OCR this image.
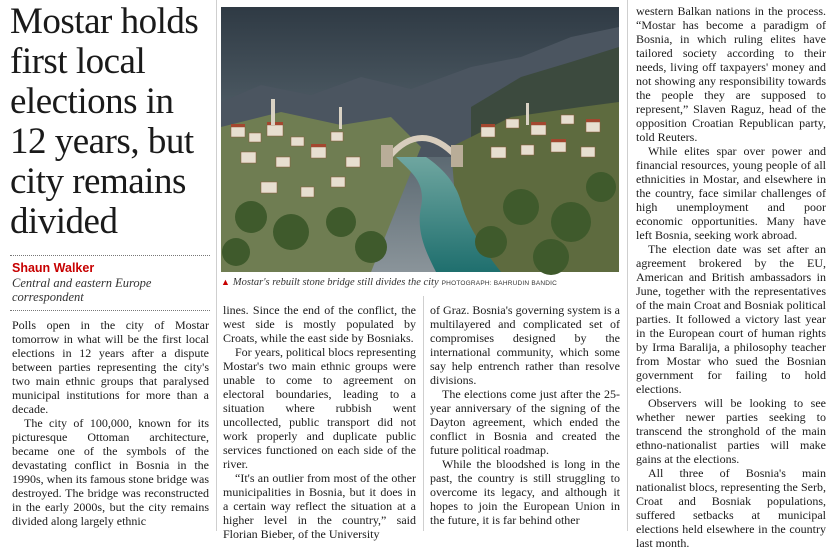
Mostar holds first local elections in 12 years, but city remains divided
Shaun Walker
Central and eastern Europe correspondent
▲ Mostar's rebuilt stone bridge still divides the city PHOTOGRAPH: BAHRUDIN BANDIC

Polls open in the city of Mostar tomorrow in what will be the first local elections in 12 years after a dispute between parties representing the city's two main ethnic groups that paralysed municipal institutions for more than a decade.

The city of 100,000, known for its picturesque Ottoman architecture, became one of the symbols of the devastating conflict in Bosnia in the 1990s, when its famous stone bridge was destroyed. The bridge was reconstructed in the early 2000s, but the city remains divided along largely ethnic

lines. Since the end of the conflict, the west side is mostly populated by Croats, while the east side by Bosniaks.

For years, political blocs representing Mostar's two main ethnic groups were unable to come to agreement on electoral boundaries, leading to a situation where rubbish went uncollected, public transport did not work properly and duplicate public services functioned on each side of the river.

“It's an outlier from most of the other municipalities in Bosnia, but it does in a certain way reflect the situation at a higher level in the country,” said Florian Bieber, of the University

of Graz. Bosnia's governing system is a multilayered and complicated set of compromises designed by the international community, which some say help entrench rather than resolve divisions.

The elections come just after the 25-year anniversary of the signing of the Dayton agreement, which ended the conflict in Bosnia and created the future political roadmap.

While the bloodshed is long in the past, the country is still struggling to overcome its legacy, and although it hopes to join the European Union in the future, it is far behind other

western Balkan nations in the process. “Mostar has become a paradigm of Bosnia, in which ruling elites have tailored society according to their needs, living off taxpayers' money and not showing any responsibility towards the people they are supposed to represent,” Slaven Raguz, head of the opposition Croatian Republican party, told Reuters.

While elites spar over power and financial resources, young people of all ethnicities in Mostar, and elsewhere in the country, face similar challenges of high unemployment and poor economic opportunities. Many have left Bosnia, seeking work abroad.

The election date was set after an agreement brokered by the EU, American and British ambassadors in June, together with the representatives of the main Croat and Bosniak political parties. It followed a victory last year in the European court of human rights by Irma Baralija, a philosophy teacher from Mostar who sued the Bosnian government for failing to hold elections.

Observers will be looking to see whether newer parties seeking to transcend the stronghold of the main ethno-nationalist parties will make gains at the elections.

All three of Bosnia's main nationalist blocs, representing the Serb, Croat and Bosniak populations, suffered setbacks at municipal elections held elsewhere in the country last month.
